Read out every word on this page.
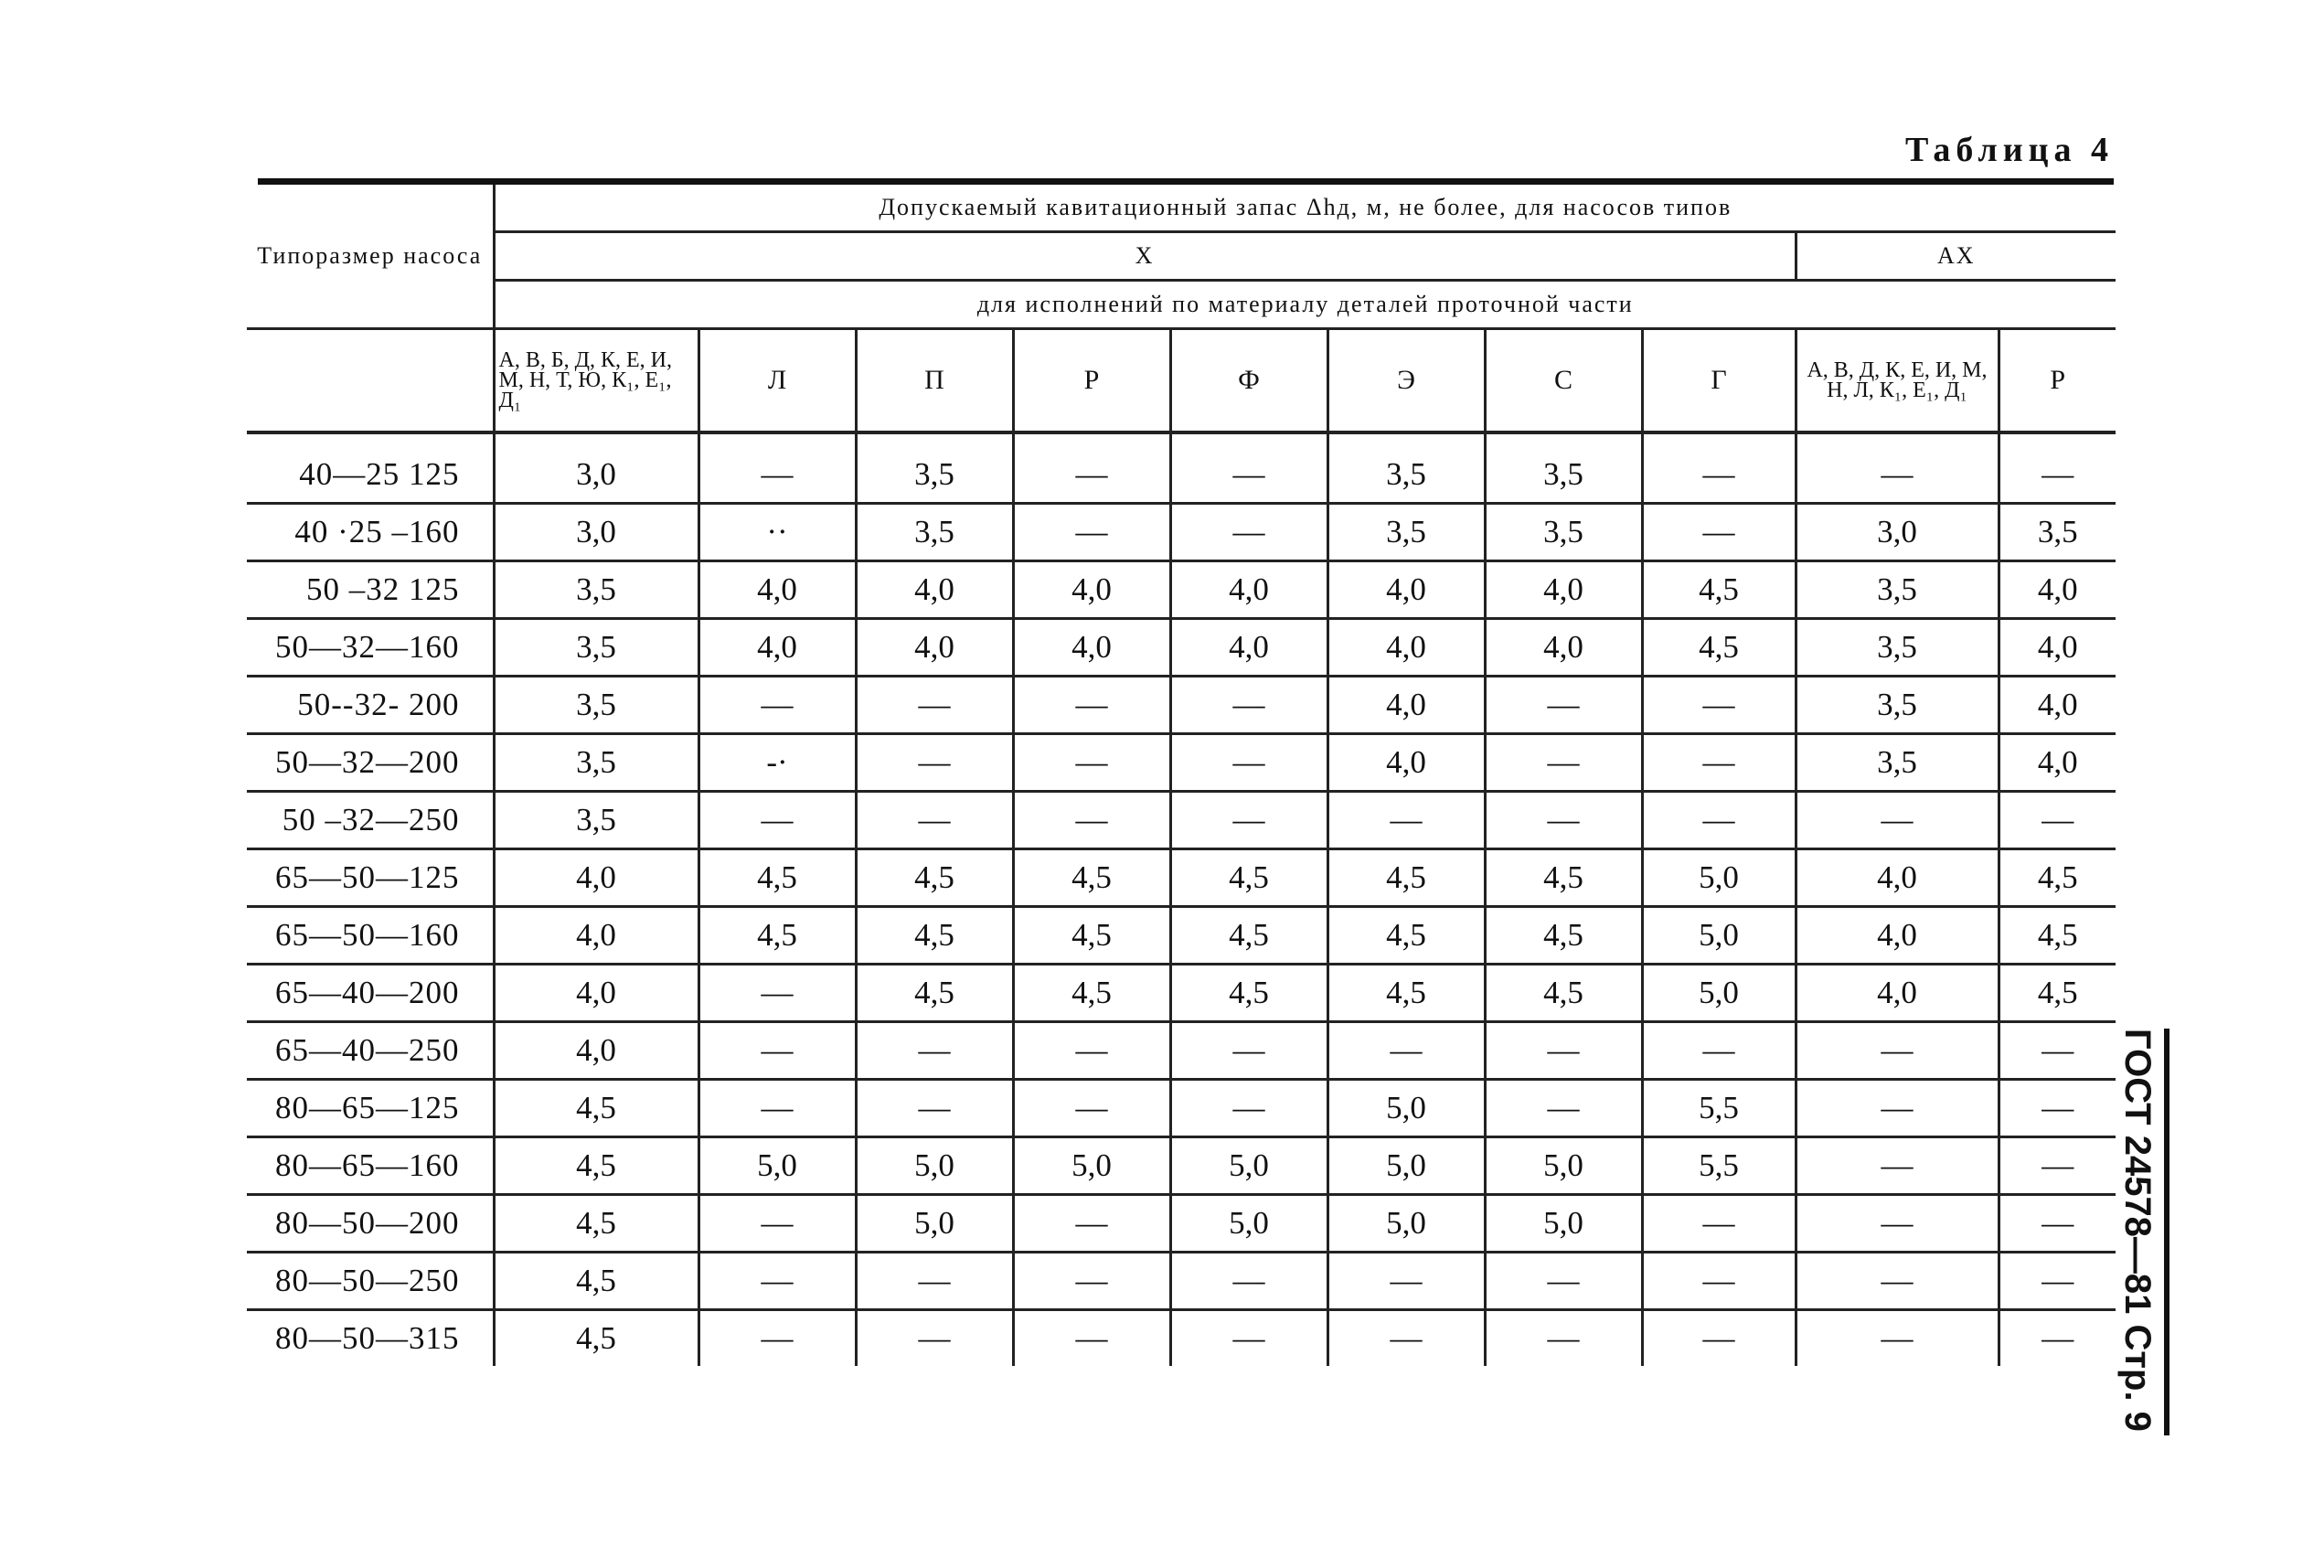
Таблица 4
Типоразмер насоса	Допускаемый кавитационный запас Δhд, м, не более, для насосов типов									
	Х								АХ	
	для исполнений по материалу деталей проточной части									
	А, В, Б, Д, К, Е, И, М, Н, Т, Ю, К₁, Е₁, Д₁	Л	П	Р	Ф	Э	С	Г	А, В, Д, К, Е, И, М, Н, Л, К₁, Е₁, Д₁	Р

40—25 125	3,0	—	3,5	—	—	3,5	3,5	—	—	—
40 ·25 –160	3,0	··	3,5	—	—	3,5	3,5	—	3,0	3,5
50 –32 125	3,5	4,0	4,0	4,0	4,0	4,0	4,0	4,5	3,5	4,0
50—32—160	3,5	4,0	4,0	4,0	4,0	4,0	4,0	4,5	3,5	4,0
50--32- 200	3,5	—	—	—	—	4,0	—	—	3,5	4,0
50—32—200	3,5	-·	—	—	—	4,0	—	—	3,5	4,0
50 –32—250	3,5	—	—	—	—	—	—	—	—	—
65—50—125	4,0	4,5	4,5	4,5	4,5	4,5	4,5	5,0	4,0	4,5
65—50—160	4,0	4,5	4,5	4,5	4,5	4,5	4,5	5,0	4,0	4,5
65—40—200	4,0	—	4,5	4,5	4,5	4,5	4,5	5,0	4,0	4,5
65—40—250	4,0	—	—	—	—	—	—	—	—	—
80—65—125	4,5	—	—	—	—	5,0	—	5,5	—	—
80—65—160	4,5	5,0	5,0	5,0	5,0	5,0	5,0	5,5	—	—
80—50—200	4,5	—	5,0	—	5,0	5,0	5,0	—	—	—
80—50—250	4,5	—	—	—	—	—	—	—	—	—
80—50—315	4,5	—	—	—	—	—	—	—	—	— ГОСТ 24578—81 Стр. 9
